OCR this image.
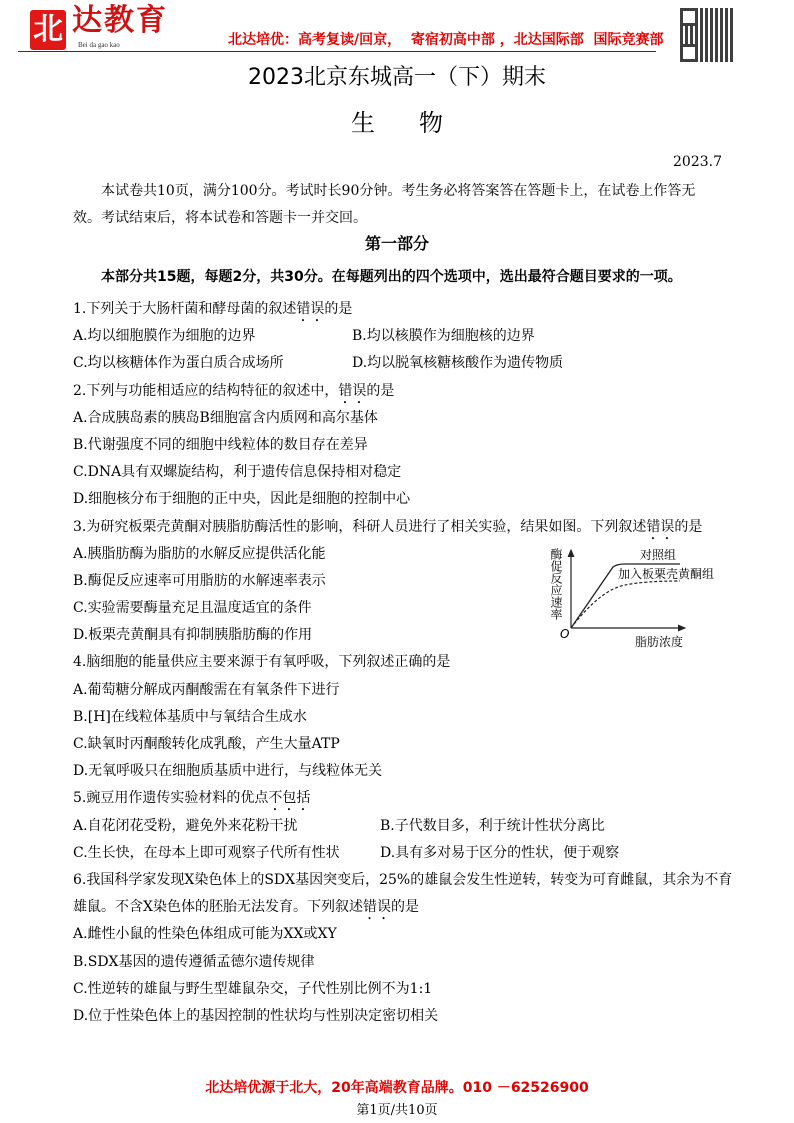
北 达教育
Bei da gao kao	北达培优：高考复读/回京，  寄宿初高中部 ，北达国际部  国际竞赛部
2023北京东城高一（下）期末
生物
2023.7
本试卷共10页，满分100分。考试时长90分钟。考生务必将答案答在答题卡上，在试卷上作答无效。考试结束后，将本试卷和答题卡一并交回。
第一部分
本部分共15题，每题2分，共30分。在每题列出的四个选项中，选出最符合题目要求的一项。
1.下列关于大肠杆菌和酵母菌的叙述错误的是
A.均以细胞膜作为细胞的边界	B.均以核膜作为细胞核的边界
C.均以核糖体作为蛋白质合成场所	D.均以脱氧核糖核酸作为遗传物质
2.下列与功能相适应的结构特征的叙述中，错误的是
A.合成胰岛素的胰岛B细胞富含内质网和高尔基体
B.代谢强度不同的细胞中线粒体的数目存在差异
C.DNA具有双螺旋结构，利于遗传信息保持相对稳定
D.细胞核分布于细胞的正中央，因此是细胞的控制中心
3.为研究板栗壳黄酮对胰脂肪酶活性的影响，科研人员进行了相关实验，结果如图。下列叙述错误的是
A.胰脂肪酶为脂肪的水解反应提供活化能
B.酶促反应速率可用脂肪的水解速率表示
C.实验需要酶量充足且温度适宜的条件
D.板栗壳黄酮具有抑制胰脂肪酶的作用
4.脑细胞的能量供应主要来源于有氧呼吸，下列叙述正确的是
A.葡萄糖分解成丙酮酸需在有氧条件下进行
B.[H]在线粒体基质中与氧结合生成水
C.缺氧时丙酮酸转化成乳酸，产生大量ATP
D.无氧呼吸只在细胞质基质中进行，与线粒体无关
5.豌豆用作遗传实验材料的优点不包括
A.自花闭花受粉，避免外来花粉干扰	B.子代数目多，利于统计性状分离比
C.生长快，在母本上即可观察子代所有性状	D.具有多对易于区分的性状，便于观察
6.我国科学家发现X染色体上的SDX基因突变后，25%的雄鼠会发生性逆转，转变为可育雌鼠，其余为不育雄鼠。不含X染色体的胚胎无法发育。下列叙述错误的是
A.雌性小鼠的性染色体组成可能为XX或XY
B.SDX基因的遗传遵循孟德尔遗传规律
C.性逆转的雄鼠与野生型雄鼠杂交，子代性别比例不为1:1
D.位于性染色体上的基因控制的性状均与性别决定密切相关
酶促反应速率
O
脂肪浓度
对照组
加入板栗壳黄酮组
北达培优源于北大，20年高端教育品牌。010 －62526900
第1页/共10页
